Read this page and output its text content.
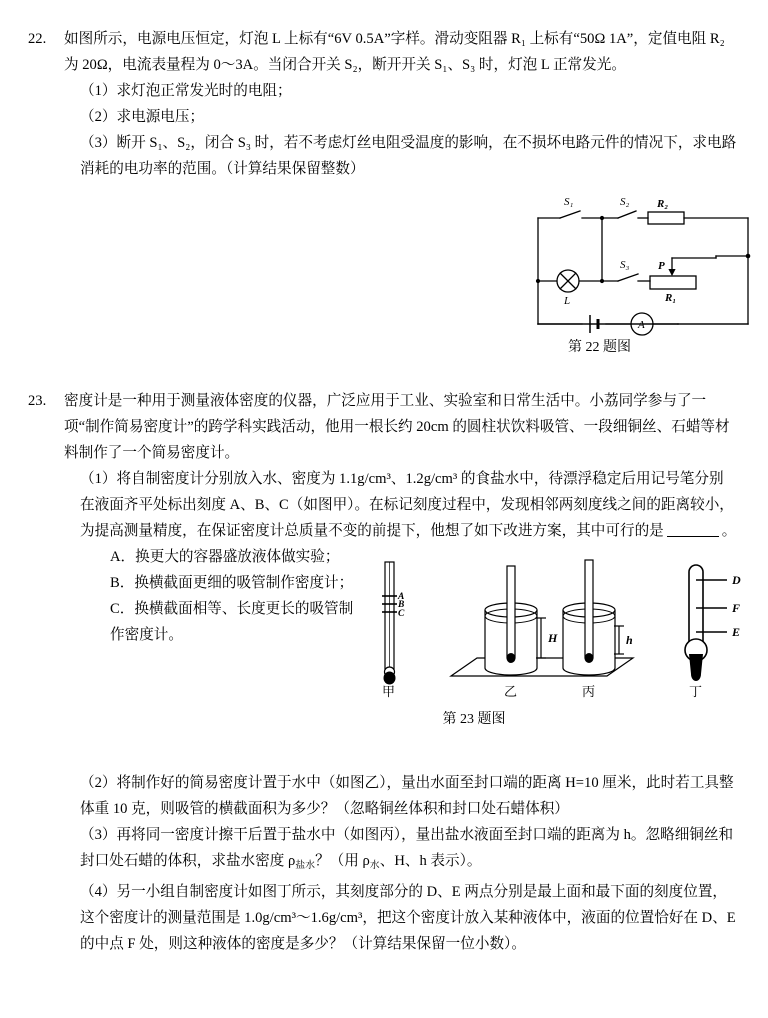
22.	如图所示，电源电压恒定，灯泡 L 上标有“6V 0.5A”字样。滑动变阻器 R₁ 上标有“50Ω 1A”，定值电阻 R₂ 为 20Ω，电流表量程为 0～3A。当闭合开关 S₂，断开开关 S₁、S₃ 时，灯泡 L 正常发光。
（1）求灯泡正常发光时的电阻；
（2）求电源电压；
（3）断开 S₁、S₂，闭合 S₃ 时，若不考虑灯丝电阻受温度的影响，在不损坏电路元件的情况下，求电路消耗的电功率的范围。（计算结果保留整数）
S₁	S₂	R₂
S₃	P
R₁
L
A
第 22 题图
23.	密度计是一种用于测量液体密度的仪器，广泛应用于工业、实验室和日常生活中。小荔同学参与了一项“制作简易密度计”的跨学科实践活动，他用一根长约 20cm 的圆柱状饮料吸管、一段细铜丝、石蜡等材料制作了一个简易密度计。
（1）将自制密度计分别放入水、密度为 1.1g/cm³、1.2g/cm³ 的食盐水中，待漂浮稳定后用记号笔分别在液面齐平处标出刻度 A、B、C（如图甲）。在标记刻度过程中，发现相邻两刻度线之间的距离较小，为提高测量精度，在保证密度计总质量不变的前提下，他想了如下改进方案，其中可行的是	。
A．换更大的容器盛放液体做实验；
B．换横截面更细的吸管制作密度计；
C．换横截面相等、长度更长的吸管制作密度计。
（2）将制作好的简易密度计置于水中（如图乙），量出水面至封口端的距离 H=10 厘米，此时若工具整体重 10 克，则吸管的横截面积为多少？（忽略铜丝体积和封口处石蜡体积）
（3）再将同一密度计擦干后置于盐水中（如图丙），量出盐水液面至封口端的距离为 h。忽略细铜丝和封口处石蜡的体积，求盐水密度 $\rho_{盐水}$？（用 $\rho_水$、H、h 表示）。
（4）另一小组自制密度计如图丁所示，其刻度部分的 D、E 两点分别是最上面和最下面的刻度位置，这个密度计的测量范围是 1.0g/cm³～1.6g/cm³，把这个密度计放入某种液体中，液面的位置恰好在 D、E 的中点 F 处，则这种液体的密度是多少？（计算结果保留一位小数）。
A
B
C
H	h
D
F
E
甲	乙	丙	丁
第 23 题图
